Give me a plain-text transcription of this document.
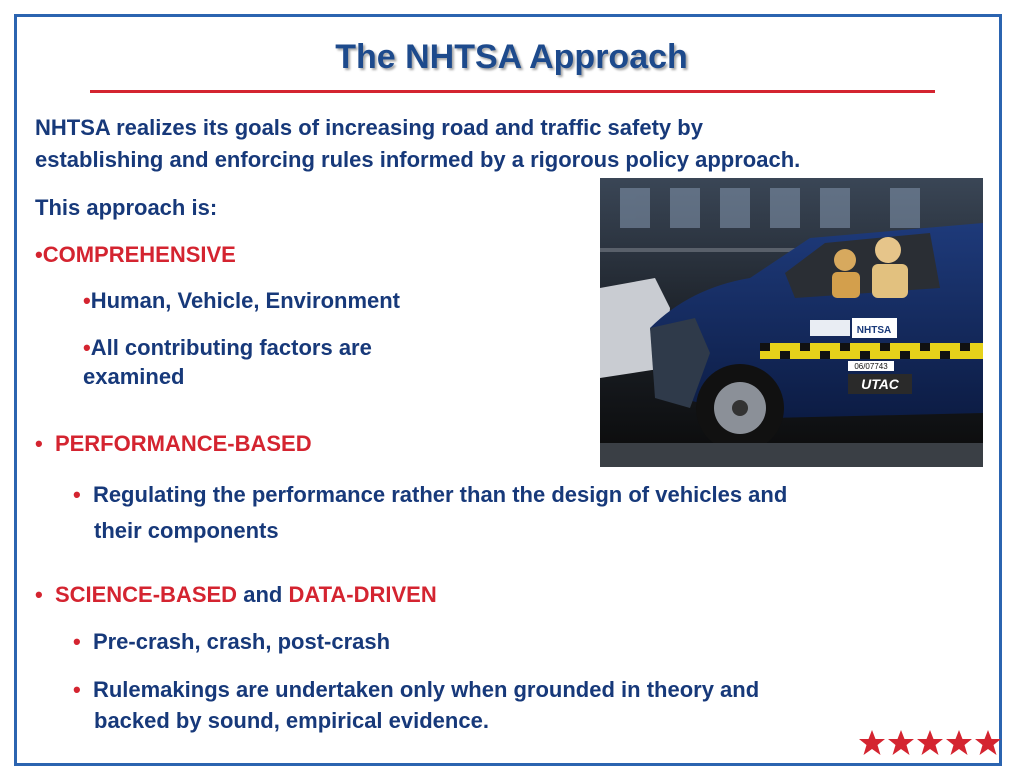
The NHTSA Approach
NHTSA realizes its goals of increasing road and traffic safety by
establishing and enforcing rules informed by a rigorous policy approach.
This approach is:
•COMPREHENSIVE
•Human, Vehicle, Environment
•All contributing factors are
examined
• PERFORMANCE-BASED
• Regulating the performance rather than the design of vehicles and
their components
• SCIENCE-BASED and DATA-DRIVEN
• Pre-crash, crash, post-crash
• Rulemakings are undertaken only when grounded in theory and
backed by sound, empirical evidence.
NHTSA
06/07743
UTAC
